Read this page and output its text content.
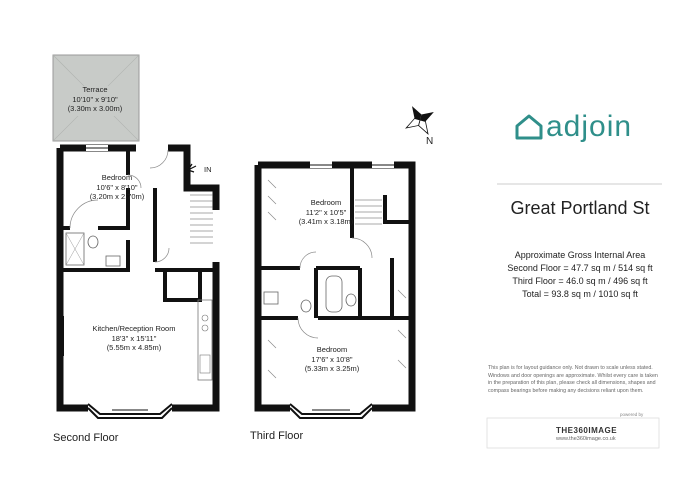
Terrace
10'10" x 9'10"
(3.30m x 3.00m)
Bedroom
10'6" x 8'10"
(3.20m x 2.70m)
Kitchen/Reception Room
18'3" x 15'11"
(5.55m x 4.85m)
IN
Bedroom
11'2" x 10'5"
(3.41m x 3.18m)
Bedroom
17'6" x 10'8"
(5.33m x 3.25m)
N
Second Floor	Third Floor
adjoin
Great Portland St
Approximate Gross Internal Area
Second Floor = 47.7 sq m / 514 sq ft
Third Floor = 46.0 sq m / 496 sq ft
Total = 93.8 sq m / 1010 sq ft
This plan is for layout guidance only. Not drawn to scale unless stated.
Windows and door openings are approximate. Whilst every care is taken
in the preparation of this plan, please check all dimensions, shapes and
compass bearings before making any decisions reliant upon them.
powered by
THE360IMAGE
www.the360image.co.uk
